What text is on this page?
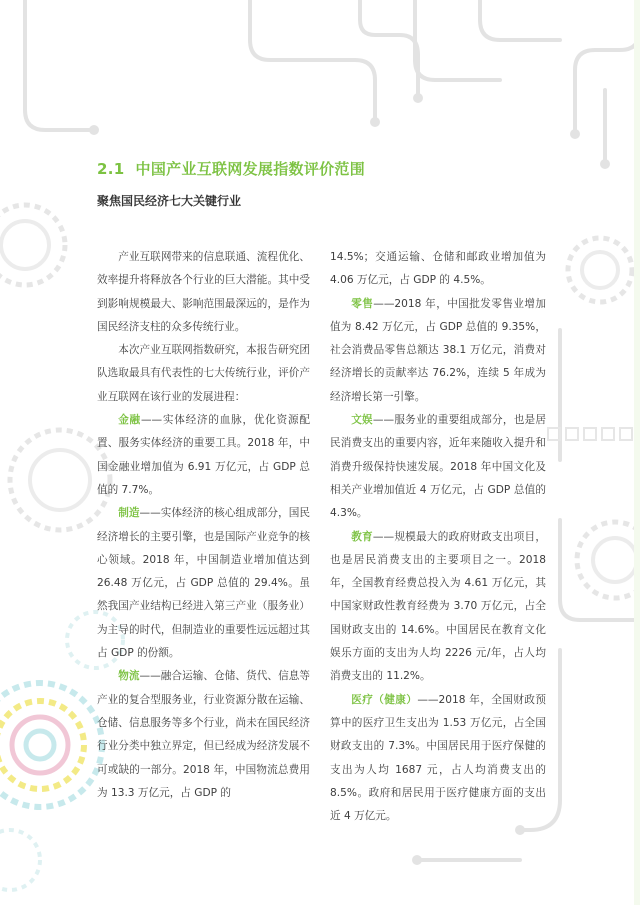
2.1 中国产业互联网发展指数评价范围
聚焦国民经济七大关键行业

产业互联网带来的信息联通、流程优化、效率提升将释放各个行业的巨大潜能。其中受到影响规模最大、影响范围最深远的，是作为国民经济支柱的众多传统行业。

本次产业互联网指数研究，本报告研究团队选取最具有代表性的七大传统行业，评价产业互联网在该行业的发展进程：

金融——实体经济的血脉，优化资源配置、服务实体经济的重要工具。2018 年，中国金融业增加值为 6.91 万亿元，占 GDP 总值的 7.7%。

制造——实体经济的核心组成部分，国民经济增长的主要引擎，也是国际产业竞争的核心领域。2018 年，中国制造业增加值达到 26.48 万亿元，占 GDP 总值的 29.4%。虽然我国产业结构已经进入第三产业（服务业）为主导的时代，但制造业的重要性远远超过其占 GDP 的份额。

物流——融合运输、仓储、货代、信息等产业的复合型服务业，行业资源分散在运输、仓储、信息服务等多个行业，尚未在国民经济行业分类中独立界定，但已经成为经济发展不可或缺的一部分。2018 年，中国物流总费用为 13.3 万亿元，占 GDP 的

14.5%；交通运输、仓储和邮政业增加值为 4.06 万亿元，占 GDP 的 4.5%。

零售——2018 年，中国批发零售业增加值为 8.42 万亿元，占 GDP 总值的 9.35%，社会消费品零售总额达 38.1 万亿元，消费对经济增长的贡献率达 76.2%，连续 5 年成为经济增长第一引擎。

文娱——服务业的重要组成部分，也是居民消费支出的重要内容，近年来随收入提升和消费升级保持快速发展。2018 年中国文化及相关产业增加值近 4 万亿元，占 GDP 总值的 4.3%。

教育——规模最大的政府财政支出项目，也是居民消费支出的主要项目之一。2018 年，全国教育经费总投入为 4.61 万亿元，其中国家财政性教育经费为 3.70 万亿元，占全国财政支出的 14.6%。中国居民在教育文化娱乐方面的支出为人均 2226 元/年，占人均消费支出的 11.2%。

医疗（健康）——2018 年，全国财政预算中的医疗卫生支出为 1.53 万亿元，占全国财政支出的 7.3%。中国居民用于医疗保健的支出为人均 1687 元，占人均消费支出的 8.5%。政府和居民用于医疗健康方面的支出近 4 万亿元。
